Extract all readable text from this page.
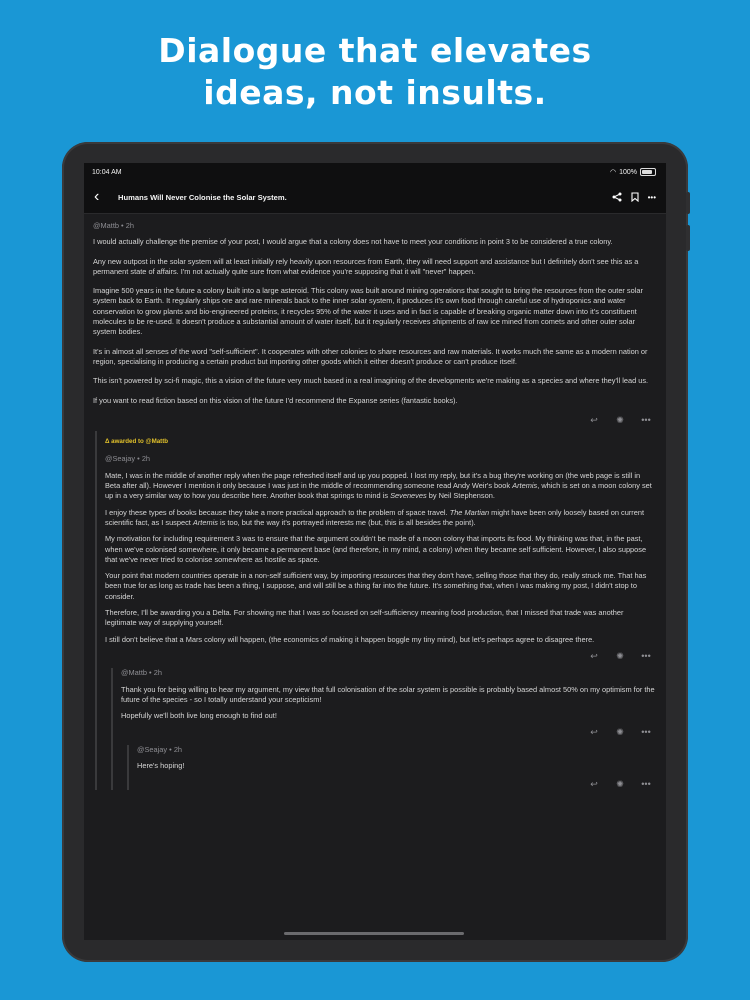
Dialogue that elevates
ideas, not insults.
10:04 AM	◠ 100%
‹	Humans Will Never Colonise the Solar System.	•••
@Mattb • 2h

I would actually challenge the premise of your post, I would argue that a colony does not have to meet your conditions in point 3 to be considered a true colony.

Any new outpost in the solar system will at least initially rely heavily upon resources from Earth, they will need support and assistance but I definitely don't see this as a permanent state of affairs. I'm not actually quite sure from what evidence you're supposing that it will "never" happen.

Imagine 500 years in the future a colony built into a large asteroid. This colony was built around mining operations that sought to bring the resources from the outer solar system back to Earth. It regularly ships ore and rare minerals back to the inner solar system, it produces it's own food through careful use of hydroponics and water conservation to grow plants and bio-engineered proteins, it recycles 95% of the water it uses and in fact is capable of breaking organic matter down into it's constituent molecules to be re-used. It doesn't produce a substantial amount of water itself, but it regularly receives shipments of raw ice mined from comets and other outer solar system bodies.

It's in almost all senses of the word "self-sufficient". It cooperates with other colonies to share resources and raw materials. It works much the same as a modern nation or region, specialising in producing a certain product but importing other goods which it either doesn't produce or can't produce itself.

This isn't powered by sci-fi magic, this a vision of the future very much based in a real imagining of the developments we're making as a species and where they'll lead us.

If you want to read fiction based on this vision of the future I'd recommend the Expanse series (fantastic books).

↩ ✺ •••
Δ awarded to @Mattb
@Seajay • 2h

Mate, I was in the middle of another reply when the page refreshed itself and up you popped. I lost my reply, but it's a bug they're working on (the web page is still in Beta after all). However I mention it only because I was just in the middle of recommending someone read Andy Weir's book Artemis, which is set on a moon colony set up in a very similar way to how you describe here. Another book that springs to mind is Seveneves by Neil Stephenson.

I enjoy these types of books because they take a more practical approach to the problem of space travel. The Martian might have been only loosely based on current scientific fact, as I suspect Artemis is too, but the way it's portrayed interests me (but, this is all besides the point).

My motivation for including requirement 3 was to ensure that the argument couldn't be made of a moon colony that imports its food. My thinking was that, in the past, when we've colonised somewhere, it only became a permanent base (and therefore, in my mind, a colony) when they became self sufficient. However, I also suppose that we've never tried to colonise somewhere as hostile as space.

Your point that modern countries operate in a non-self sufficient way, by importing resources that they don't have, selling those that they do, really struck me. That has been true for as long as trade has been a thing, I suppose, and will still be a thing far into the future. It's something that, when I was making my post, I didn't stop to consider.

Therefore, I'll be awarding you a Delta. For showing me that I was so focused on self-sufficiency meaning food production, that I missed that trade was another legitimate way of supplying yourself.

I still don't believe that a Mars colony will happen, (the economics of making it happen boggle my tiny mind), but let's perhaps agree to disagree there.

↩ ✺ •••
@Mattb • 2h

Thank you for being willing to hear my argument, my view that full colonisation of the solar system is possible is probably based almost 50% on my optimism for the future of the species - so I totally understand your scepticism!

Hopefully we'll both live long enough to find out!

↩ ✺ •••
@Seajay • 2h

Here's hoping!

↩ ✺ •••
